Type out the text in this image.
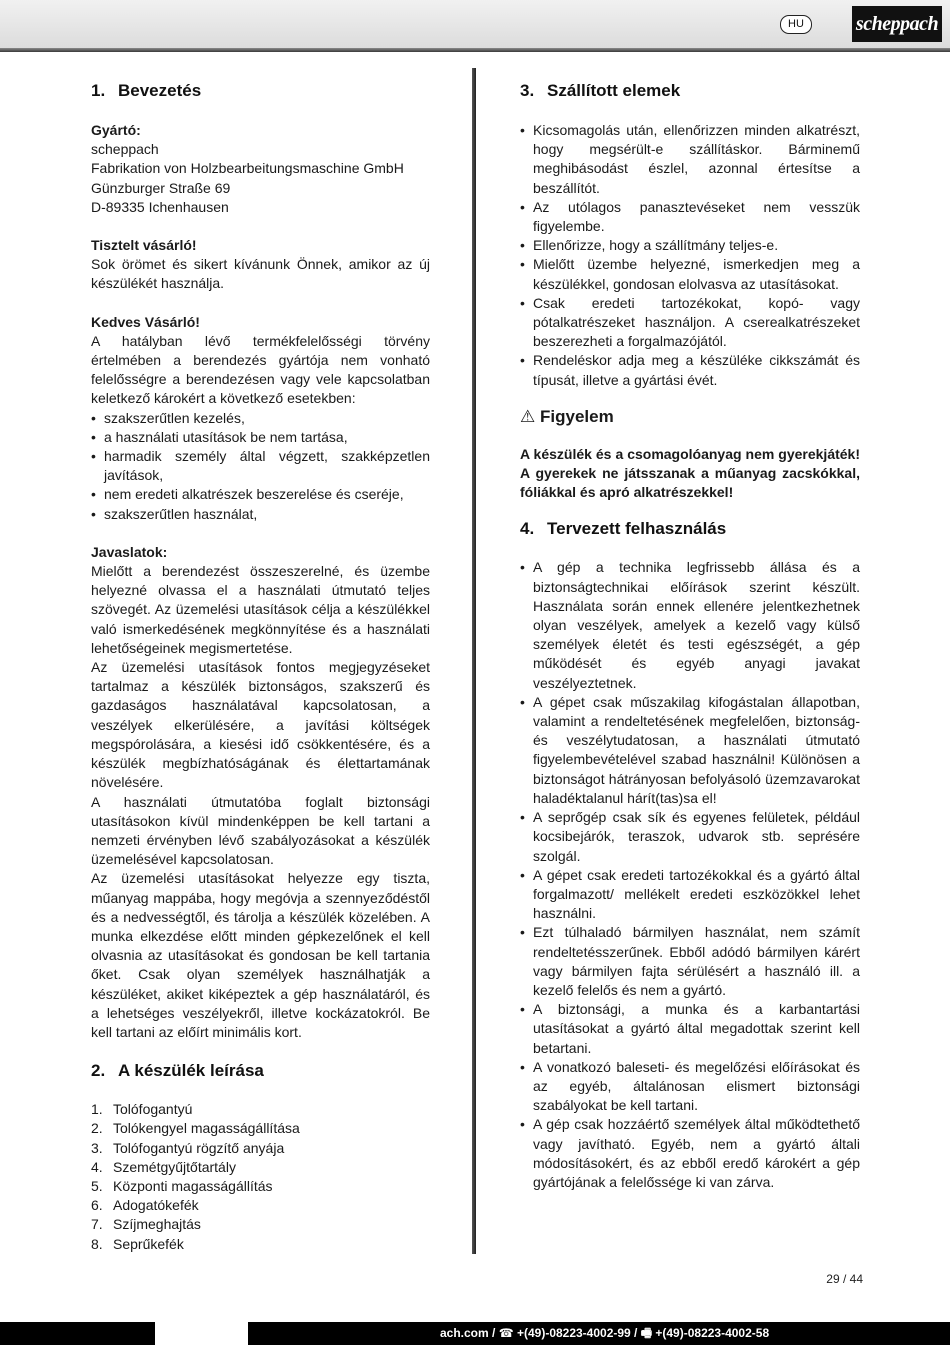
HU	scheppach
1. Bevezetés

Gyártó:

scheppach

Fabrikation von Holzbearbeitungsmaschine GmbH

Günzburger Straße 69

D-89335 Ichenhausen

Tisztelt vásárló!

Sok örömet és sikert kívánunk Önnek, amikor az új készülékét használja.

Kedves Vásárló!

A hatályban lévő termékfelelősségi törvény értelmében a berendezés gyártója nem vonható felelősségre a berendezésen vagy vele kapcsolatban keletkező károkért a következő esetekben:

• szakszerűtlen kezelés,
• a használati utasítások be nem tartása,
• harmadik személy által végzett, szakképzetlen javítások,
• nem eredeti alkatrészek beszerelése és cseréje,
• szakszerűtlen használat,

Javaslatok:

Mielőtt a berendezést összeszerelné, és üzembe helyezné olvassa el a használati útmutató teljes szövegét. Az üzemelési utasítások célja a készülékkel való ismerkedésének megkönnyítése és a használati lehetőségeinek megismertetése.

Az üzemelési utasítások fontos megjegyzéseket tartalmaz a készülék biztonságos, szakszerű és gazdaságos használatával kapcsolatosan, a veszélyek elkerülésére, a javítási költségek megspórolására, a kiesési idő csökkentésére, és a készülék megbízhatóságának és élettartamának növelésére.

A használati útmutatóba foglalt biztonsági utasításokon kívül mindenképpen be kell tartani a nemzeti érvényben lévő szabályozásokat a készülék üzemelésével kapcsolatosan.

Az üzemelési utasításokat helyezze egy tiszta, műanyag mappába, hogy megóvja a szennyeződéstől és a nedvességtől, és tárolja a készülék közelében. A munka elkezdése előtt minden gépkezelőnek el kell olvasnia az utasításokat és gondosan be kell tartania őket. Csak olyan személyek használhatják a készüléket, akiket kiképeztek a gép használatáról, és a lehetséges veszélyekről, illetve kockázatokról. Be kell tartani az előírt minimális kort.

2. A készülék leírása
1. Tolófogantyú
2. Tolókengyel magasságállítása
3. Tolófogantyú rögzítő anyája
4. Szemétgyűjtőtartály
5. Központi magasságállítás
6. Adogatókefék
7. Szíjmeghajtás
8. Seprűkefék
3. Szállított elemek
• Kicsomagolás után, ellenőrizzen minden alkatrészt, hogy megsérült-e szállításkor. Bárminemű meghibásodást észlel, azonnal értesítse a beszállítót.
• Az utólagos panasztevéseket nem vesszük figyelembe.
• Ellenőrizze, hogy a szállítmány teljes-e.
• Mielőtt üzembe helyezné, ismerkedjen meg a készülékkel, gondosan elolvasva az utasításokat.
• Csak eredeti tartozékokat, kopó- vagy pótalkatrészeket használjon. A cserealkatrészeket beszerezheti a forgalmazójától.
• Rendeléskor adja meg a készüléke cikkszámát és típusát, illetve a gyártási évét.
⚠ Figyelem

A készülék és a csomagolóanyag nem gyerekjáték! A gyerekek ne játsszanak a műanyag zacskókkal, fóliákkal és apró alkatrészekkel!

4. Tervezett felhasználás
• A gép a technika legfrissebb állása és a biztonságtechnikai előírások szerint készült. Használata során ennek ellenére jelentkezhetnek olyan veszélyek, amelyek a kezelő vagy külső személyek életét és testi egészségét, a gép működését és egyéb anyagi javakat veszélyeztetnek.
• A gépet csak műszakilag kifogástalan állapotban, valamint a rendeltetésének megfelelően, biztonság- és veszélytudatosan, a használati útmutató figyelembevételével szabad használni! Különösen a biztonságot hátrányosan befolyásoló üzemzavarokat haladéktalanul hárít(tas)sa el!
• A seprőgép csak sík és egyenes felületek, például kocsibejárók, teraszok, udvarok stb. seprésére szolgál.
• A gépet csak eredeti tartozékokkal és a gyártó által forgalmazott/ mellékelt eredeti eszközökkel lehet használni.
• Ezt túlhaladó bármilyen használat, nem számít rendeltetésszerűnek. Ebből adódó bármilyen kárért vagy bármilyen fajta sérülésért a használó ill. a kezelő felelős és nem a gyártó.
• A biztonsági, a munka és a karbantartási utasításokat a gyártó által megadottak szerint kell betartani.
• A vonatkozó baleseti- és megelőzési előírásokat és az egyéb, általánosan elismert biztonsági szabályokat be kell tartani.
• A gép csak hozzáértő személyek által működtethető vagy javítható. Egyéb, nem a gyártó általi módosításokért, és az ebből eredő károkért a gép gyártójának a felelőssége ki van zárva.
29 / 44
ach.com / ☎ +(49)-08223-4002-99 / 🖷 +(49)-08223-4002-58
